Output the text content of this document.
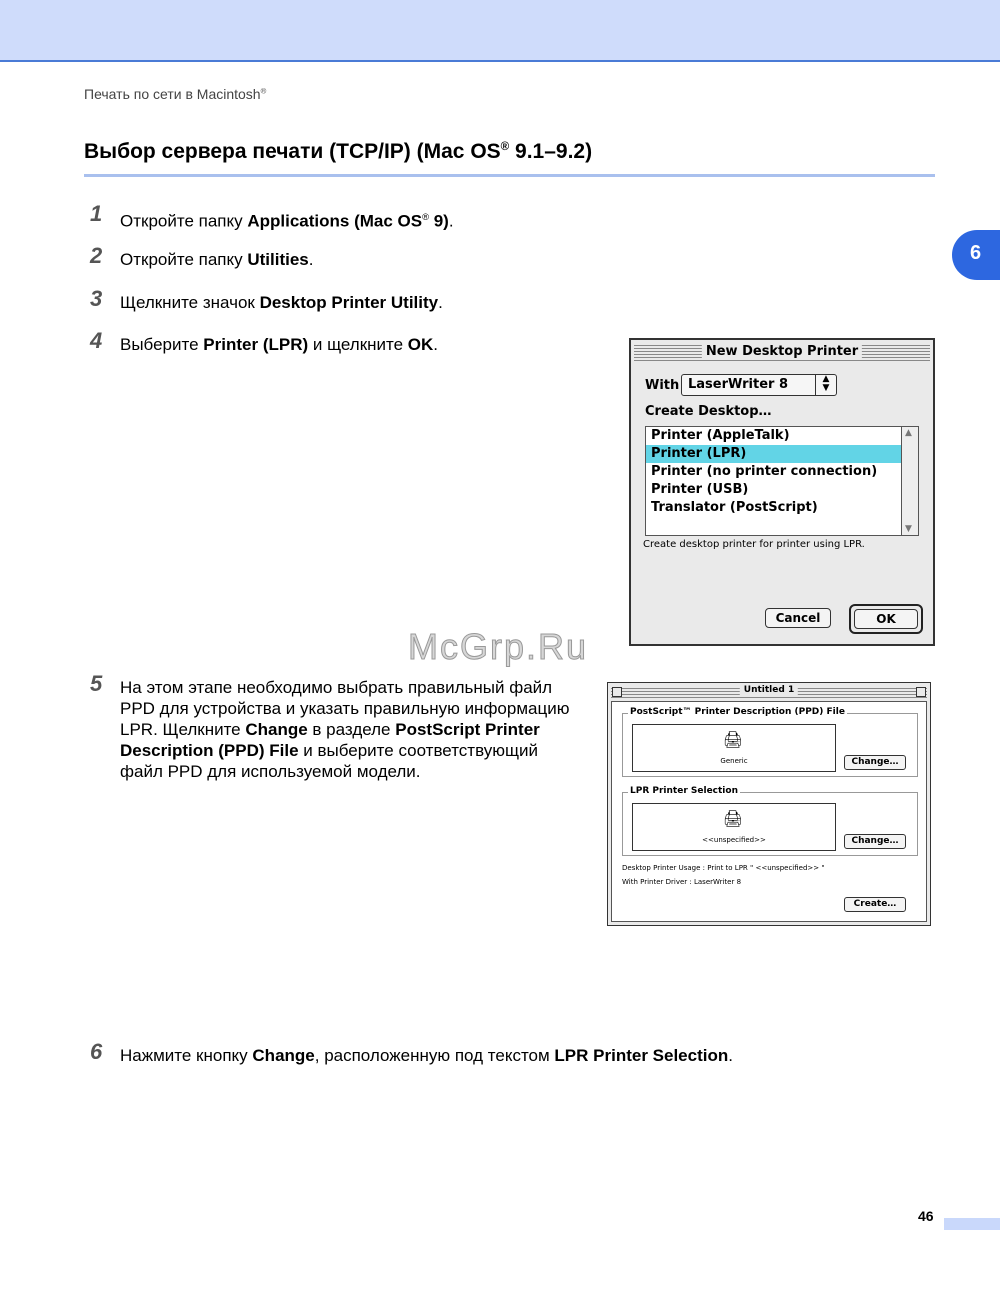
Печать по сети в Macintosh®
Выбор сервера печати (TCP/IP) (Mac OS® 9.1–9.2)
6
1 Откройте папку Applications (Mac OS® 9).
2 Откройте папку Utilities.
3 Щелкните значок Desktop Printer Utility.
4 Выберите Printer (LPR) и щелкните OK.
5 На этом этапе необходимо выбрать правильный файл PPD для устройства и указать правильную информацию LPR. Щелкните Change в разделе PostScript Printer Description (PPD) File и выберите соответствующий файл PPD для используемой модели.
6 Нажмите кнопку Change, расположенную под текстом LPR Printer Selection.
New Desktop Printer
With LaserWriter 8	▲
▼
Create Desktop…
Printer (AppleTalk)
Printer (LPR)
Printer (no printer connection)
Printer (USB)
Translator (PostScript)
▲
▼
Create desktop printer for printer using LPR.
Cancel	OK
McGrp.Ru
Untitled 1
PostScript™ Printer Description (PPD) File
🖨
Generic	Change…
LPR Printer Selection
🖨
<<unspecified>>	Change…
Desktop Printer Usage : Print to LPR " <<unspecified>> "
With Printer Driver : LaserWriter 8
Create…
46
